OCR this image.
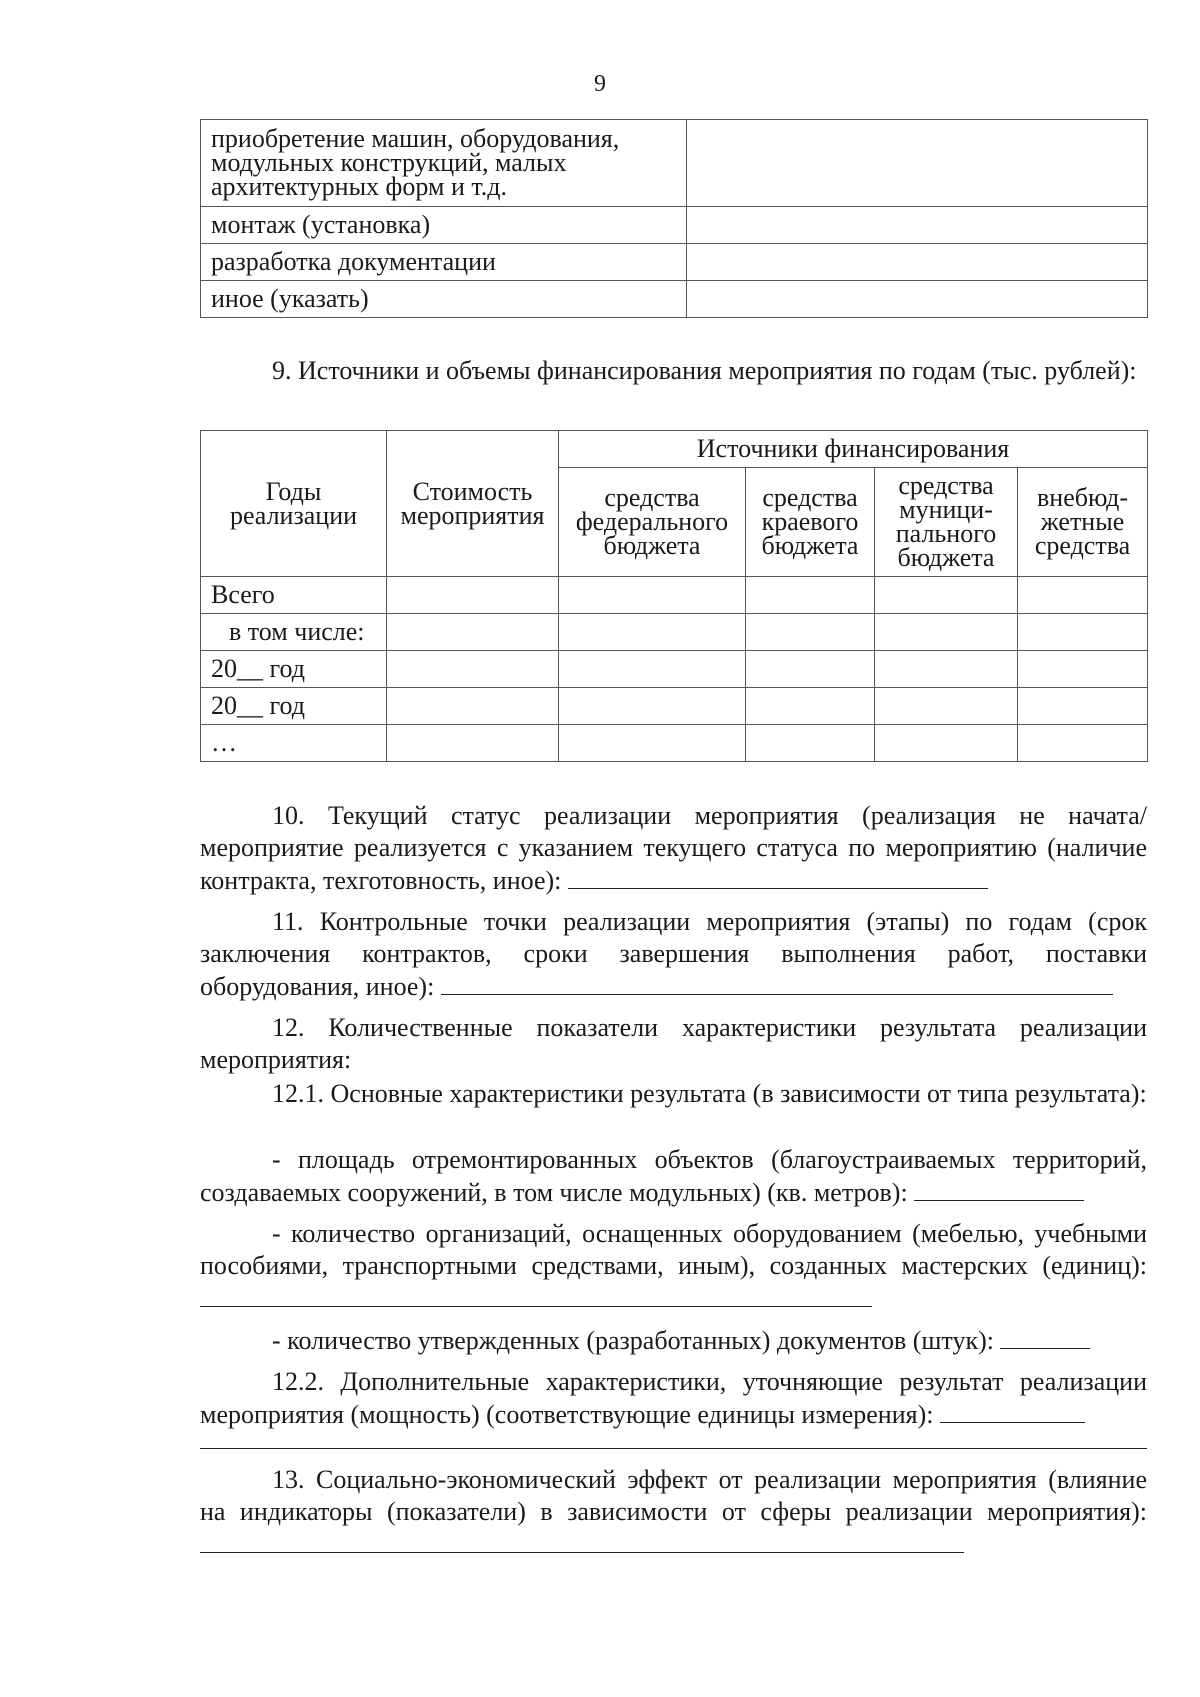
9
приобретение машин, оборудования, модульных конструкций, малых архитектурных форм и т.д.	
монтаж (установка)	
разработка документации	
иное (указать)	

9. Источники и объемы финансирования мероприятия по годам (тыс. рублей):

Годы реализации	Стоимость мероприятия	Источники финансирования			
		средства федерального бюджета	средства краевого бюджета	средства муници-пального бюджета	внебюд-жетные средства
Всего					
в том числе:					
20__ год					
20__ год					
…					

10. Текущий статус реализации мероприятия (реализация не начата/ мероприятие реализуется с указанием текущего статуса по мероприятию (наличие контракта, техготовность, иное):

11. Контрольные точки реализации мероприятия (этапы) по годам (срок заключения контрактов, сроки завершения выполнения работ, поставки оборудования, иное):

12. Количественные показатели характеристики результата реализации мероприятия:

12.1. Основные характеристики результата (в зависимости от типа результата):

- площадь отремонтированных объектов (благоустраиваемых территорий, создаваемых сооружений, в том числе модульных) (кв. метров):

- количество организаций, оснащенных оборудованием (мебелью, учебными пособиями, транспортными средствами, иным), созданных мастерских (единиц):

- количество утвержденных (разработанных) документов (штук):

12.2. Дополнительные характеристики, уточняющие результат реализации мероприятия (мощность) (соответствующие единицы измерения):

13. Социально-экономический эффект от реализации мероприятия (влияние на индикаторы (показатели) в зависимости от сферы реализации мероприятия):
